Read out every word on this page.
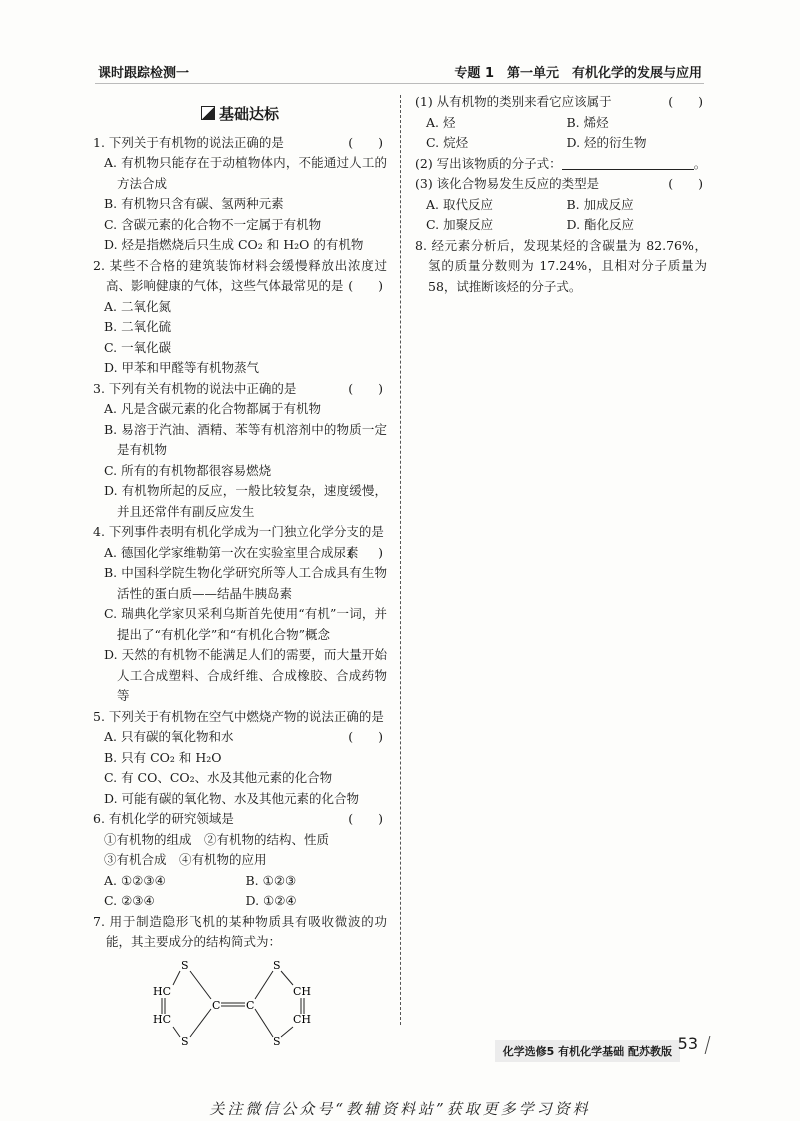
课时跟踪检测一	专题 1　第一单元　有机化学的发展与应用
基础达标
1. 下列关于有机物的说法正确的是	(　　)
A. 有机物只能存在于动植物体内，不能通过人工的方法合成
B. 有机物只含有碳、氢两种元素
C. 含碳元素的化合物不一定属于有机物
D. 烃是指燃烧后只生成 CO₂ 和 H₂O 的有机物
2. 某些不合格的建筑装饰材料会缓慢释放出浓度过高、影响健康的气体，这些气体最常见的是 (　　)
A. 二氧化氮
B. 二氧化硫
C. 一氧化碳
D. 甲苯和甲醛等有机物蒸气
3. 下列有关有机物的说法中正确的是	(　　)
A. 凡是含碳元素的化合物都属于有机物
B. 易溶于汽油、酒精、苯等有机溶剂中的物质一定是有机物
C. 所有的有机物都很容易燃烧
D. 有机物所起的反应，一般比较复杂，速度缓慢，并且还常伴有副反应发生
4. 下列事件表明有机化学成为一门独立化学分支的是
(　　)
A. 德国化学家维勒第一次在实验室里合成尿素
B. 中国科学院生物化学研究所等人工合成具有生物活性的蛋白质——结晶牛胰岛素
C. 瑞典化学家贝采利乌斯首先使用“有机”一词，并提出了“有机化学”和“有机化合物”概念
D. 天然的有机物不能满足人们的需要，而大量开始人工合成塑料、合成纤维、合成橡胶、合成药物等
5. 下列关于有机物在空气中燃烧产物的说法正确的是
(　　)
A. 只有碳的氧化物和水
B. 只有 CO₂ 和 H₂O
C. 有 CO、CO₂、水及其他元素的化合物
D. 可能有碳的氧化物、水及其他元素的化合物
6. 有机化学的研究领域是	(　　)
①有机物的组成　②有机物的结构、性质
③有机合成　④有机物的应用
A. ①②③④	B. ①②③
C. ②③④	D. ①②④
7. 用于制造隐形飞机的某种物质具有吸收微波的功能，其主要成分的结构简式为：
S
S
HC
HC
C C
S
S
CH
CH
(1) 从有机物的类别来看它应该属于	(　　)
A. 烃	B. 烯烃
C. 烷烃	D. 烃的衍生物
(2) 写出该物质的分子式：	。
(3) 该化合物易发生反应的类型是	(　　)
A. 取代反应	B. 加成反应
C. 加聚反应	D. 酯化反应
8. 经元素分析后，发现某烃的含碳量为 82.76%，氢的质量分数则为 17.24%，且相对分子质量为 58，试推断该烃的分子式。
化学选修5 有机化学基础 配苏教版 53
关注微信公众号“教辅资料站”获取更多学习资料
